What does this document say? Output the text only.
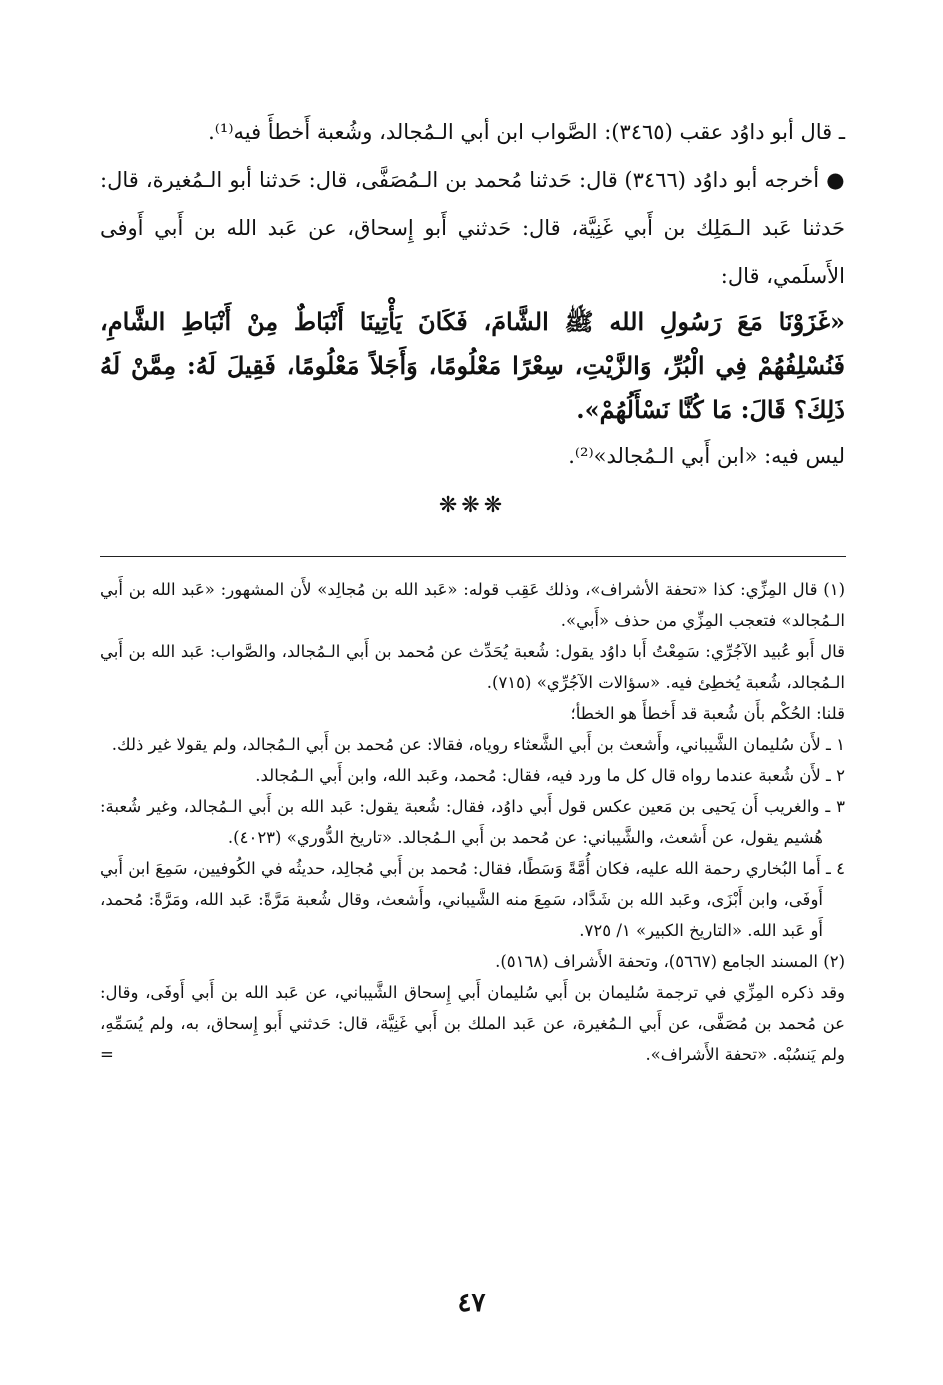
ـ قال أبو داوُد عقب (٣٤٦٥): الصَّواب ابن أبي الـمُجالد، وشُعبة أَخطأَ فيه⁽¹⁾.

● أخرجه أبو داوُد (٣٤٦٦) قال: حَدثنا مُحمد بن الـمُصَفَّى، قال: حَدثنا أبو الـمُغيرة، قال: حَدثنا عَبد الـمَلِك بن أَبي غَنِيَّة، قال: حَدثني أَبو إِسحاق، عن عَبد الله بن أَبي أَوفى الأَسلَمي، قال:

«غَزَوْنَا مَعَ رَسُولِ الله ﷺ الشَّامَ، فَكَانَ يَأْتِينَا أَنْبَاطٌ مِنْ أَنْبَاطِ الشَّامِ، فَنُسْلِفُهُمْ فِي الْبُرِّ، وَالزَّيْتِ، سِعْرًا مَعْلُومًا، وَأَجَلاً مَعْلُومًا، فَقِيلَ لَهُ: مِمَّنْ لَهُ ذَلِكَ؟ قَالَ: مَا كُنَّا نَسْأَلُهُمْ».

ليس فيه: «ابن أَبي الـمُجالد»⁽²⁾.

❋❋❋

(١) قال المِزِّي: كذا «تحفة الأشراف»، وذلك عَقِب قوله: «عَبد الله بن مُجالِد» لأَن المشهور: «عَبد الله بن أَبي الـمُجالد» فتعجب المِزِّي من حذف «أَبي».

قال أَبو عُبيد الآجُرِّي: سَمِعْتُ أَبا داوُد يقول: شُعبة يُحَدِّث عن مُحمد بن أَبي الـمُجالد، والصَّواب: عَبد الله بن أَبي الـمُجالد، شُعبة يُخطِئ فيه. «سؤالات الآجُرِّي» (٧١٥).

قلنا: الحُكْم بأَن شُعبة قد أَخطأَ هو الخطأ؛

١ ـ لأَن سُليمان الشَّيباني، وأَشعث بن أَبي الشَّعثاء روياه، فقالا: عن مُحمد بن أَبي الـمُجالد، ولم يقولا غير ذلك.

٢ ـ لأَن شُعبة عندما رواه قال كل ما ورد فيه، فقال: مُحمد، وعَبد الله، وابن أَبي الـمُجالد.

٣ ـ والغريب أَن يَحيى بن مَعين عكس قول أَبي داوُد، فقال: شُعبة يقول: عَبد الله بن أَبي الـمُجالد، وغير شُعبة: هُشيم يقول، عن أَشعث، والشَّيباني: عن مُحمد بن أَبي الـمُجالد. «تاريخ الدُّوري» (٤٠٢٣).

٤ ـ أَما البُخاري رحمة الله عليه، فكان أُمَّةً وَسَطًا، فقال: مُحمد بن أَبي مُجالِد، حديثُه في الكُوفيين، سَمِعَ ابن أَبي أَوفَى، وابن أَبْزَى، وعَبد الله بن شَدَّاد، سَمِعَ منه الشَّيباني، وأَشعث، وقال شُعبة مَرَّةً: عَبد الله، ومَرَّةً: مُحمد، أَو عَبد الله. «التاريخ الكبير» ١/ ٧٢٥.

(٢) المسند الجامع (٥٦٦٧)، وتحفة الأَشراف (٥١٦٨).

وقد ذكره المِزِّي في ترجمة سُليمان بن أَبي سُليمان أَبي إِسحاق الشَّيباني، عن عَبد الله بن أَبي أَوفَى، وقال: عن مُحمد بن مُصَفَّى، عن أَبي الـمُغيرة، عن عَبد الملك بن أَبي غَنِيَّة، قال: حَدثني أَبو إِسحاق، به، ولم يُسَمِّهِ، ولم يَنسُبْه. «تحفة الأَشراف».
=

٤٧
